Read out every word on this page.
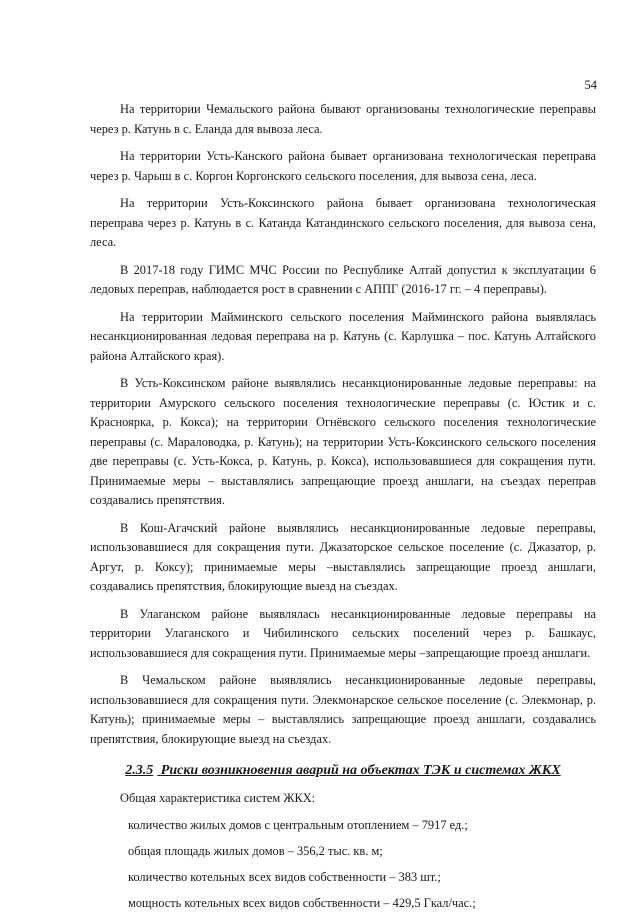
54

На территории Чемальского района бывают организованы технологические переправы через р. Катунь в с. Еланда для вывоза леса.

На территории Усть-Канского района бывает организована технологическая переправа через р. Чарыш в с. Коргон Коргонского сельского поселения, для вывоза сена, леса.

На территории Усть-Коксинского района бывает организована технологическая переправа через р. Катунь в с. Катанда Катандинского сельского поселения, для вывоза сена, леса.

В 2017-18 году ГИМС МЧС России по Республике Алтай допустил к эксплуатации 6 ледовых переправ, наблюдается рост в сравнении с АППГ (2016-17 гг. – 4 переправы).

На территории Майминского сельского поселения Майминского района выявлялась несанкционированная ледовая переправа на р. Катунь (с. Карлушка – пос. Катунь Алтайского района Алтайского края).

В Усть-Коксинском районе выявлялись несанкционированные ледовые переправы: на территории Амурского сельского поселения технологические переправы (с. Юстик и с. Красноярка, р. Кокса); на территории Огнёвского сельского поселения технологические переправы (с. Мараловодка, р. Катунь); на территории Усть-Коксинского сельского поселения две переправы (с. Усть-Кокса, р. Катунь, р. Кокса), использовавшиеся для сокращения пути. Принимаемые меры – выставлялись запрещающие проезд аншлаги, на съездах переправ создавались препятствия.

В Кош-Агачский районе выявлялись несанкционированные ледовые переправы, использовавшиеся для сокращения пути. Джазаторское сельское поселение (с. Джазатор, р. Аргут, р. Коксу); принимаемые меры –выставлялись запрещающие проезд аншлаги, создавались препятствия, блокирующие выезд на съездах.

В Улаганском районе выявлялась несанкционированные ледовые переправы на территории Улаганского и Чибилинского сельских поселений через р. Башкаус, использовавшиеся для сокращения пути. Принимаемые меры –запрещающие проезд аншлаги.

В Чемальском районе выявлялись несанкционированные ледовые переправы, использовавшиеся для сокращения пути. Элекмонарское сельское поселение (с. Элекмонар, р. Катунь); принимаемые меры – выставлялись запрещающие проезд аншлаги, создавались препятствия, блокирующие выезд на съездах.

2.3.5 Риски возникновения аварий на объектах ТЭК и системах ЖКХ
Общая характеристика систем ЖКХ:
количество жилых домов с центральным отоплением – 7917 ед.;
общая площадь жилых домов – 356,2 тыс. кв. м;
количество котельных всех видов собственности – 383 шт.;
мощность котельных всех видов собственности – 429,5 Гкал/час.;
